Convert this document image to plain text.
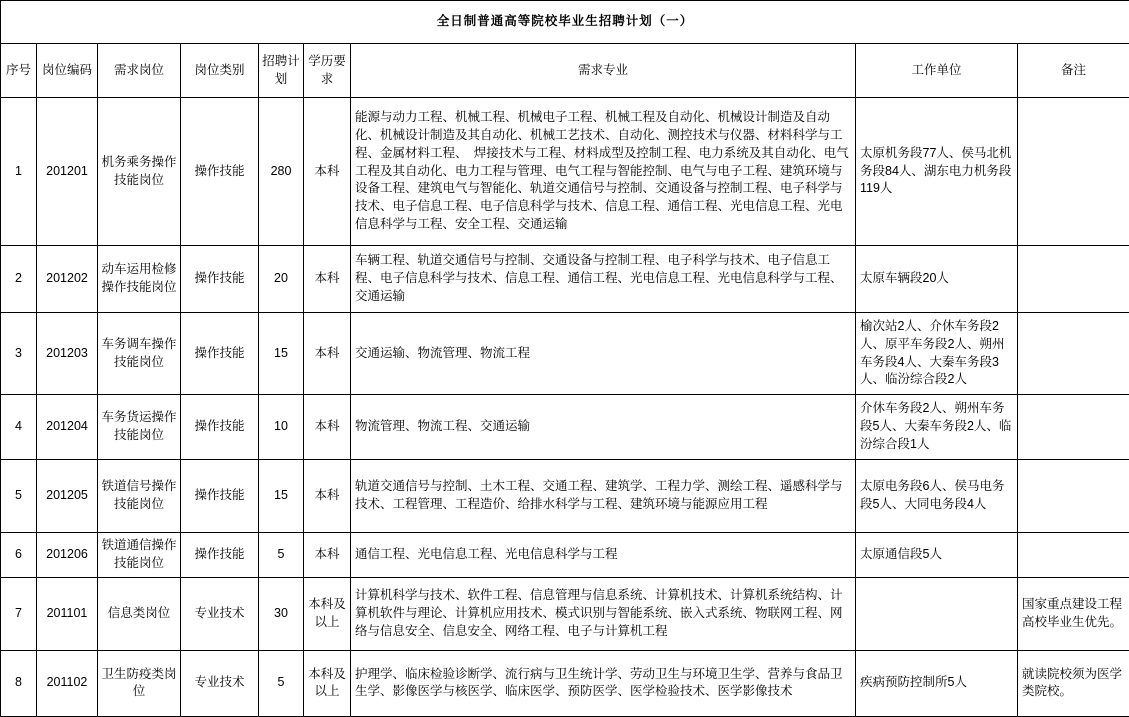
全日制普通高等院校毕业生招聘计划（一）								
序号	岗位编码	需求岗位	岗位类别	招聘计划	学历要求	需求专业	工作单位	备注
1	201201	机务乘务操作技能岗位	操作技能	280	本科	能源与动力工程、机械工程、机械电子工程、机械工程及自动化、机械设计制造及自动化、机械设计制造及其自动化、机械工艺技术、自动化、测控技术与仪器、材料科学与工程、金属材料工程、　焊接技术与工程、材料成型及控制工程、电力系统及其自动化、电气工程及其自动化、电力工程与管理、电气工程与智能控制、电气与电子工程、建筑环境与设备工程、建筑电气与智能化、轨道交通信号与控制、交通设备与控制工程、电子科学与技术、电子信息工程、电子信息科学与技术、信息工程、通信工程、光电信息工程、光电信息科学与工程、安全工程、交通运输	太原机务段77人、侯马北机务段84人、湖东电力机务段119人	
2	201202	动车运用检修操作技能岗位	操作技能	20	本科	车辆工程、轨道交通信号与控制、交通设备与控制工程、电子科学与技术、电子信息工程、电子信息科学与技术、信息工程、通信工程、光电信息工程、光电信息科学与工程、交通运输	太原车辆段20人	
3	201203	车务调车操作技能岗位	操作技能	15	本科	交通运输、物流管理、物流工程	榆次站2人、介休车务段2人、原平车务段2人、朔州车务段4人、大秦车务段3人、临汾综合段2人	
4	201204	车务货运操作技能岗位	操作技能	10	本科	物流管理、物流工程、交通运输	介休车务段2人、朔州车务段5人、大秦车务段2人、临汾综合段1人	
5	201205	铁道信号操作技能岗位	操作技能	15	本科	轨道交通信号与控制、土木工程、交通工程、建筑学、工程力学、测绘工程、遥感科学与技术、工程管理、工程造价、给排水科学与工程、建筑环境与能源应用工程	太原电务段6人、侯马电务段5人、大同电务段4人	
6	201206	铁道通信操作技能岗位	操作技能	5	本科	通信工程、光电信息工程、光电信息科学与工程	太原通信段5人	
7	201101	信息类岗位	专业技术	30	本科及以上	计算机科学与技术、软件工程、信息管理与信息系统、计算机技术、计算机系统结构、计算机软件与理论、计算机应用技术、模式识别与智能系统、嵌入式系统、物联网工程、网络与信息安全、信息安全、网络工程、电子与计算机工程		国家重点建设工程高校毕业生优先。
8	201102	卫生防疫类岗位	专业技术	5	本科及以上	护理学、临床检验诊断学、流行病与卫生统计学、劳动卫生与环境卫生学、营养与食品卫生学、影像医学与核医学、临床医学、预防医学、医学检验技术、医学影像技术	疾病预防控制所5人	就读院校须为医学类院校。
